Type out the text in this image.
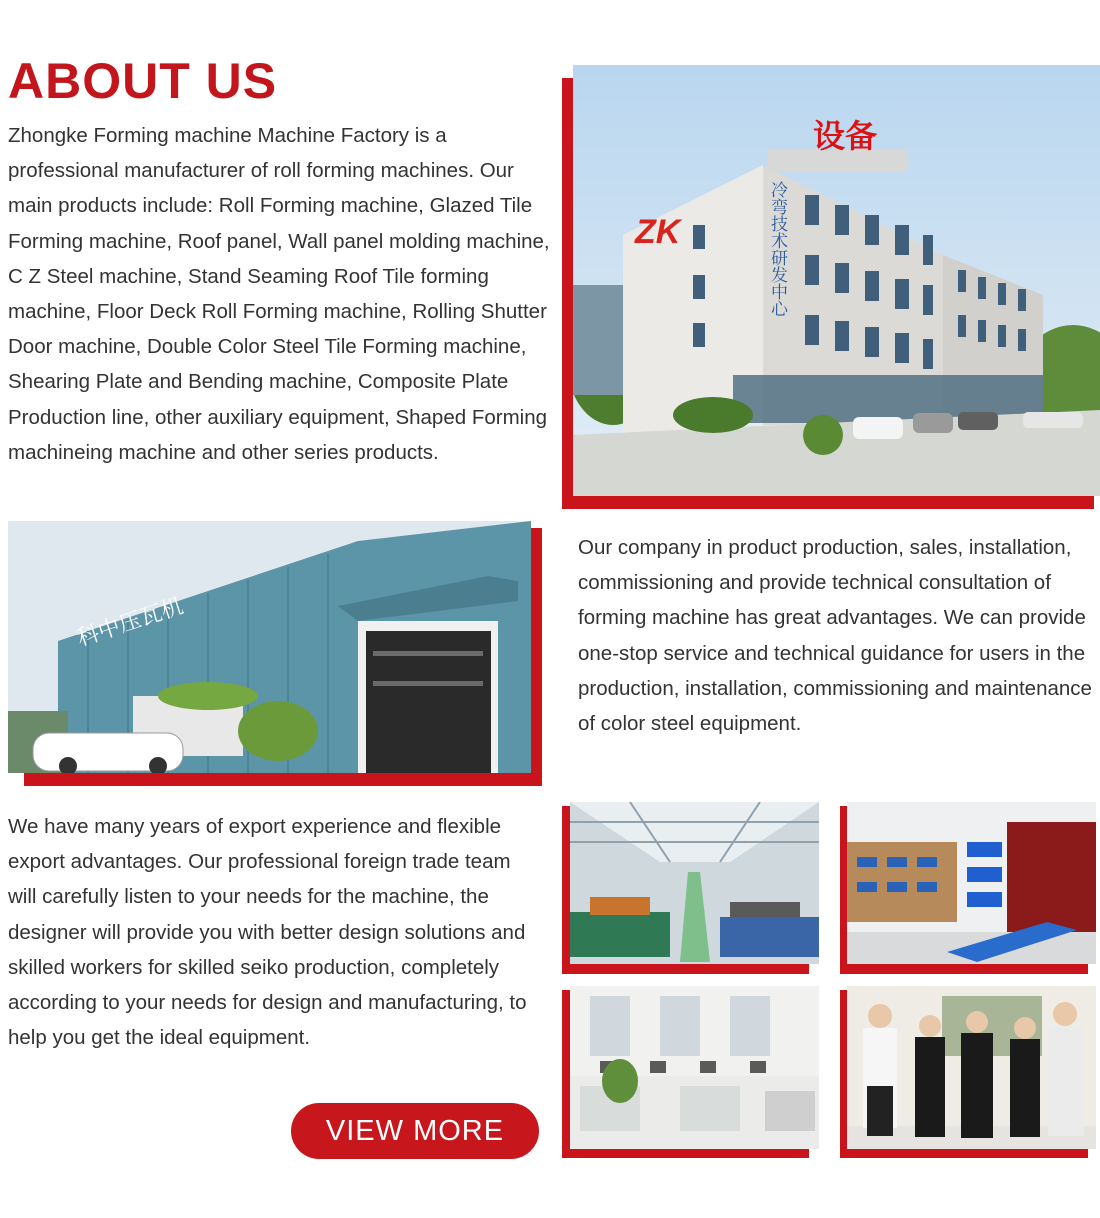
ABOUT US

Zhongke Forming machine Machine Factory is a professional manufacturer of roll forming machines. Our main products include: Roll Forming machine, Glazed Tile Forming machine, Roof panel, Wall panel molding machine, C Z Steel machine, Stand Seaming Roof Tile forming machine, Floor Deck Roll Forming machine, Rolling Shutter Door machine, Double Color Steel Tile Forming machine, Shearing Plate and Bending machine, Composite Plate Production line, other auxiliary equipment, Shaped Forming machineing machine and other series products.

冷弯技术研发中心
设备
ZK
科中压瓦机

Our company in product production, sales, installation, commissioning and provide technical consultation of forming machine has great advantages. We can provide one-stop service and technical guidance for users in the production, installation, commissioning and maintenance of color steel equipment.

We have many years of export experience and flexible export advantages. Our professional foreign trade team will carefully listen to your needs for the machine, the designer will provide you with better design solutions and skilled workers for skilled seiko production, completely according to your needs for design and manufacturing, to help you get the ideal equipment.

VIEW MORE
